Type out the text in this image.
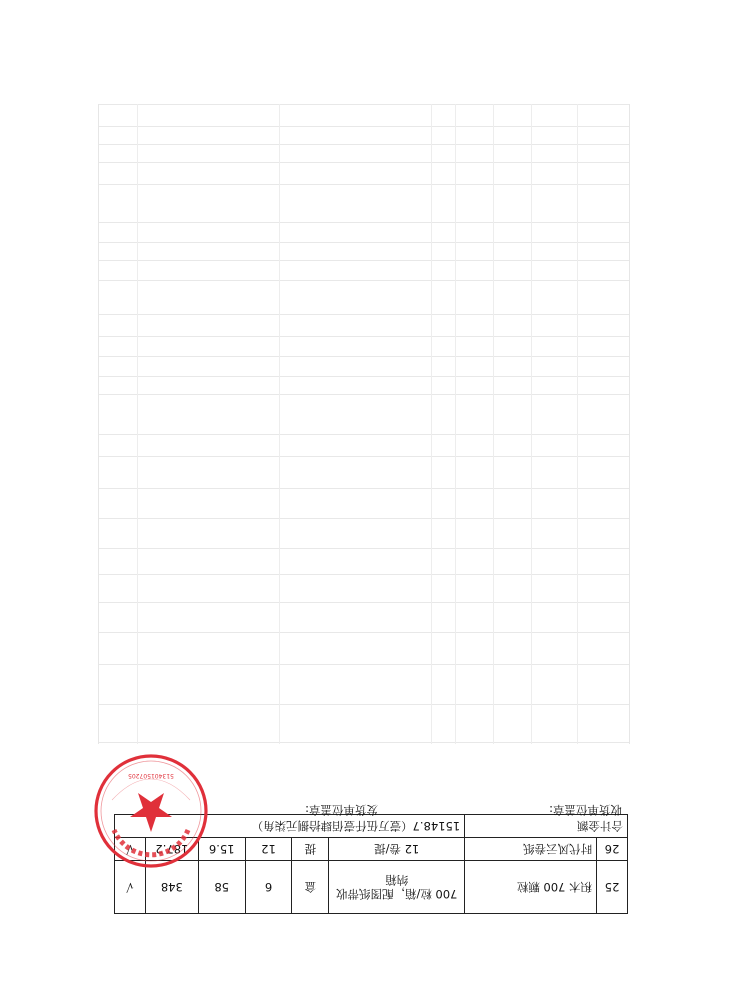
25	积木 700 颗粒	700 粒/箱，配图纸带收纳箱	盒	6	58	348	√
26	时代风云卷纸	12 卷/提	提	12	15.6	187.2	√
合计金额		15148.7（壹万伍仟壹佰肆拾捌元柒角）					
收货单位盖章:
发货单位盖章:
513401507205
